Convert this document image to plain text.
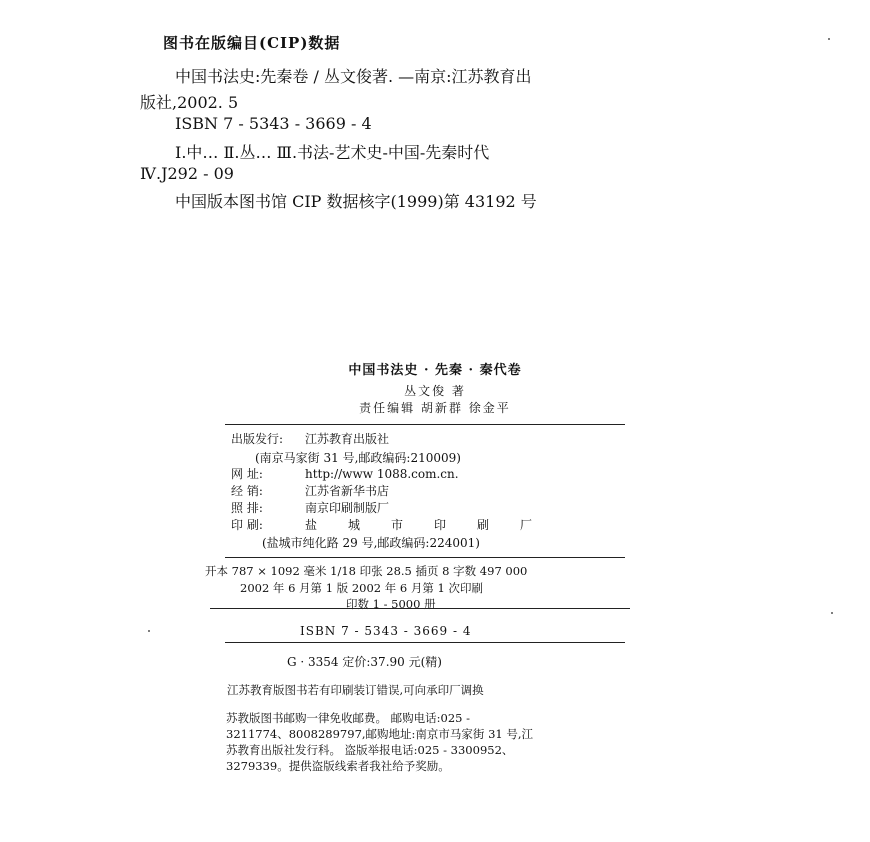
图书在版编目(CIP)数据
中国书法史:先秦卷 / 丛文俊著. —南京:江苏教育出
版社,2002. 5
ISBN 7 - 5343 - 3669 - 4
Ⅰ.中… Ⅱ.丛… Ⅲ.书法-艺术史-中国-先秦时代
Ⅳ.J292 - 09
中国版本图书馆 CIP 数据核字(1999)第 43192 号
中国书法史 · 先秦 · 秦代卷
丛文俊 著
责任编辑 胡新群 徐金平
出版发行: 江苏教育出版社
(南京马家街 31 号,邮政编码:210009)
网 址:	http://www 1088.com.cn.
经 销:	江苏省新华书店
照 排:	南京印刷制版厂
印 刷:	盐城市印刷厂
(盐城市纯化路 29 号,邮政编码:224001)
开本 787 × 1092 毫米 1/18 印张 28.5 插页 8 字数 497 000
2002 年 6 月第 1 版 2002 年 6 月第 1 次印刷
印数 1 - 5000 册
ISBN 7 - 5343 - 3669 - 4
G · 3354 定价:37.90 元(精)
江苏教育版图书若有印刷装订错误,可向承印厂调换
苏教版图书邮购一律免收邮费。 邮购电话:025 -
3211774、8008289797,邮购地址:南京市马家街 31 号,江
苏教育出版社发行科。 盗版举报电话:025 - 3300952、
3279339。提供盗版线索者我社给予奖励。
